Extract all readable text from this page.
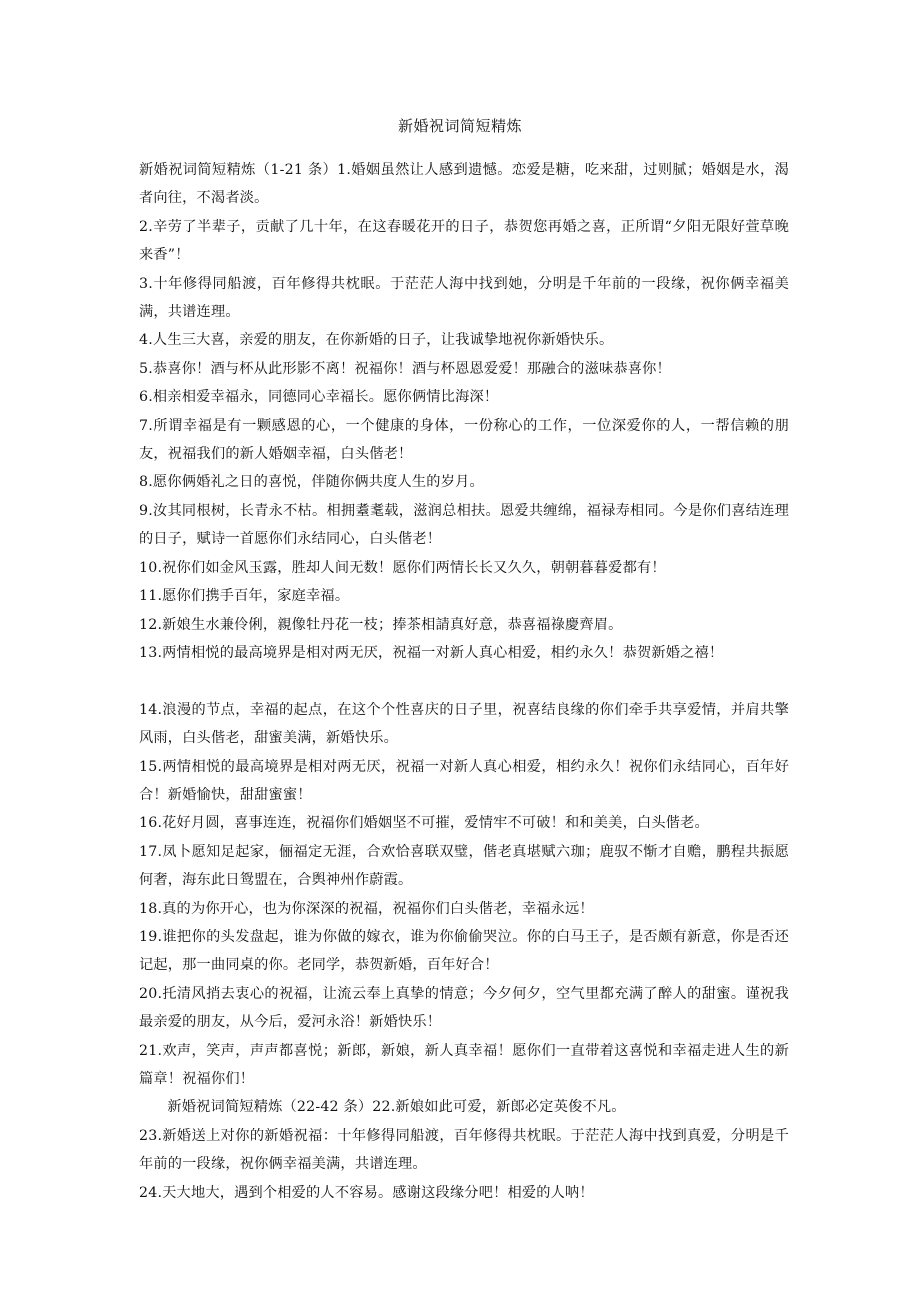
新婚祝词简短精炼

新婚祝词简短精炼（1-21 条）1.婚姻虽然让人感到遗憾。恋爱是糖，吃来甜，过则腻；婚姻是水，渴者向往，不渴者淡。

2.辛劳了半辈子，贡献了几十年，在这春暖花开的日子，恭贺您再婚之喜，正所谓“夕阳无限好萱草晚来香”！

3.十年修得同船渡，百年修得共枕眠。于茫茫人海中找到她，分明是千年前的一段缘，祝你俩幸福美满，共谱连理。

4.人生三大喜，亲爱的朋友，在你新婚的日子，让我诚挚地祝你新婚快乐。

5.恭喜你！酒与杯从此形影不离！祝福你！酒与杯恩恩爱爱！那融合的滋味恭喜你！

6.相亲相爱幸福永，同德同心幸福长。愿你俩情比海深！

7.所谓幸福是有一颗感恩的心，一个健康的身体，一份称心的工作，一位深爱你的人，一帮信赖的朋友，祝福我们的新人婚姻幸福，白头偕老！

8.愿你俩婚礼之日的喜悦，伴随你俩共度人生的岁月。

9.汝其同根树，长青永不枯。相拥耋耄载，滋润总相扶。恩爱共缠绵，福禄寿相同。今是你们喜结连理的日子，赋诗一首愿你们永结同心，白头偕老！

10.祝你们如金风玉露，胜却人间无数！愿你们两情长长又久久，朝朝暮暮爱都有！

11.愿你们携手百年，家庭幸福。

12.新娘生水兼伶俐，親像牡丹花一枝；捧茶相請真好意，恭喜福祿慶齊眉。

13.两情相悦的最高境界是相对两无厌，祝福一对新人真心相爱，相约永久！恭贺新婚之禧！

14.浪漫的节点，幸福的起点，在这个个性喜庆的日子里，祝喜结良缘的你们牵手共享爱情，并肩共擎风雨，白头偕老，甜蜜美满，新婚快乐。

15.两情相悦的最高境界是相对两无厌，祝福一对新人真心相爱，相约永久！祝你们永结同心，百年好合！新婚愉快，甜甜蜜蜜！

16.花好月圆，喜事连连，祝福你们婚姻坚不可摧，爱情牢不可破！和和美美，白头偕老。

17.凤卜愿知足起家，俪福定无涯，合欢恰喜联双璧，偕老真堪赋六珈；鹿驭不惭才自赡，鹏程共振愿何奢，海东此日鸳盟在，合舆神州作蔚霞。

18.真的为你开心，也为你深深的祝福，祝福你们白头偕老，幸福永远！

19.谁把你的头发盘起，谁为你做的嫁衣，谁为你偷偷哭泣。你的白马王子，是否颇有新意，你是否还记起，那一曲同桌的你。老同学，恭贺新婚，百年好合！

20.托清风捎去衷心的祝福，让流云奉上真挚的情意；今夕何夕，空气里都充满了醉人的甜蜜。谨祝我最亲爱的朋友，从今后，爱河永浴！新婚快乐！

21.欢声，笑声，声声都喜悦；新郎，新娘，新人真幸福！愿你们一直带着这喜悦和幸福走进人生的新篇章！祝福你们！

新婚祝词简短精炼（22-42 条）22.新娘如此可爱，新郎必定英俊不凡。

23.新婚送上对你的新婚祝福：十年修得同船渡，百年修得共枕眠。于茫茫人海中找到真爱，分明是千年前的一段缘，祝你俩幸福美满，共谱连理。

24.天大地大，遇到个相爱的人不容易。感谢这段缘分吧！相爱的人呐！
